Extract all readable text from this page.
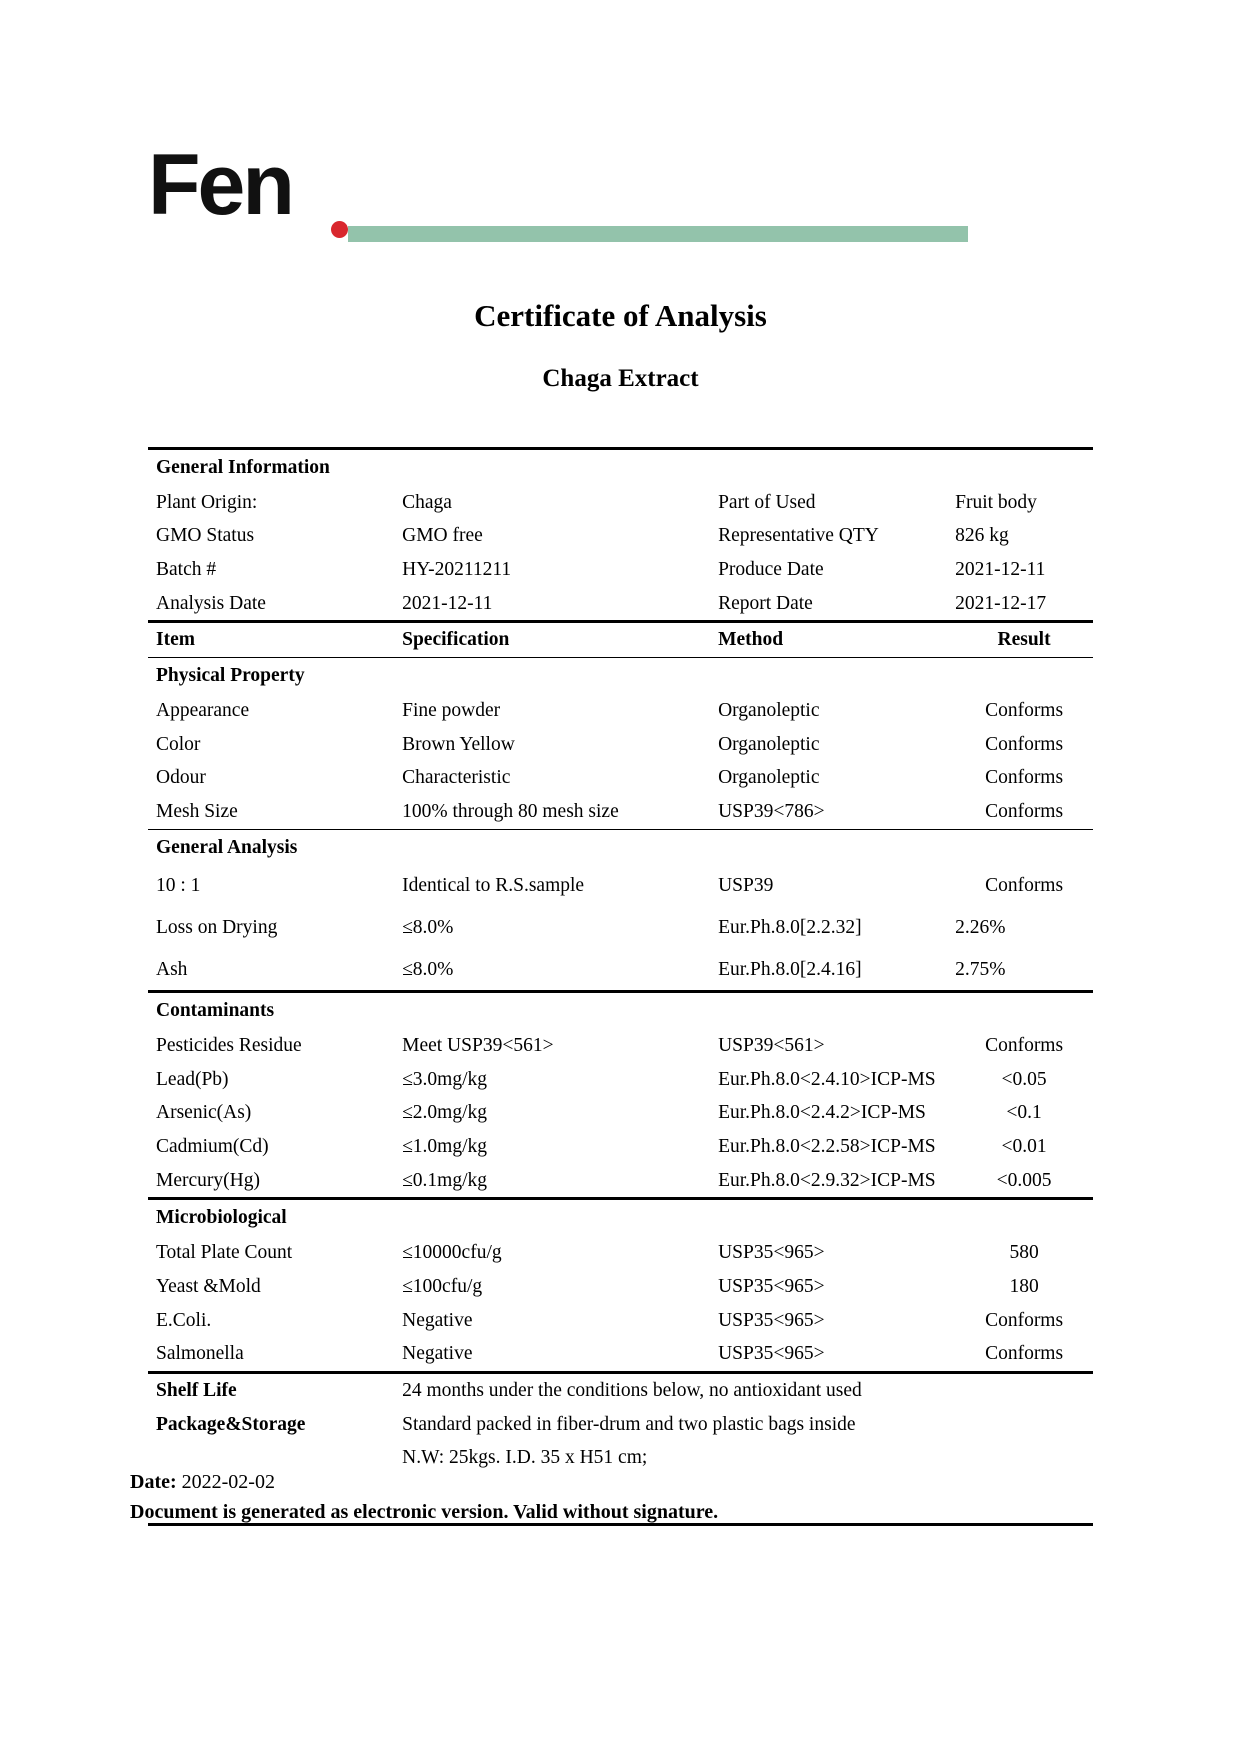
Fen
Certificate of Analysis
Chaga Extract
General Information			
Plant Origin:	Chaga	Part of Used	Fruit body
GMO Status	GMO free	Representative QTY	826 kg
Batch #	HY-20211211	Produce Date	2021-12-11
Analysis Date	2021-12-11	Report Date	2021-12-17
Item	Specification	Method	Result
Physical Property			
Appearance	Fine powder	Organoleptic	Conforms
Color	Brown Yellow	Organoleptic	Conforms
Odour	Characteristic	Organoleptic	Conforms
Mesh Size	100% through 80 mesh size	USP39<786>	Conforms
General Analysis			
10 : 1	Identical to R.S.sample	USP39	Conforms
Loss on Drying	≤8.0%	Eur.Ph.8.0[2.2.32]	2.26%
Ash	≤8.0%	Eur.Ph.8.0[2.4.16]	2.75%
Contaminants			
Pesticides Residue	Meet USP39<561>	USP39<561>	Conforms
Lead(Pb)	≤3.0mg/kg	Eur.Ph.8.0<2.4.10>ICP-MS	<0.05
Arsenic(As)	≤2.0mg/kg	Eur.Ph.8.0<2.4.2>ICP-MS	<0.1
Cadmium(Cd)	≤1.0mg/kg	Eur.Ph.8.0<2.2.58>ICP-MS	<0.01
Mercury(Hg)	≤0.1mg/kg	Eur.Ph.8.0<2.9.32>ICP-MS	<0.005
Microbiological			
Total Plate Count	≤10000cfu/g	USP35<965>	580
Yeast &Mold	≤100cfu/g	USP35<965>	180
E.Coli.	Negative	USP35<965>	Conforms
Salmonella	Negative	USP35<965>	Conforms
Shelf Life	24 months under the conditions below, no antioxidant used		
Package&Storage	Standard packed in fiber-drum and two plastic bags inside		
	N.W: 25kgs. I.D. 35 x H51 cm;		

Date: 2022-02-02
Document is generated as electronic version. Valid without signature.
